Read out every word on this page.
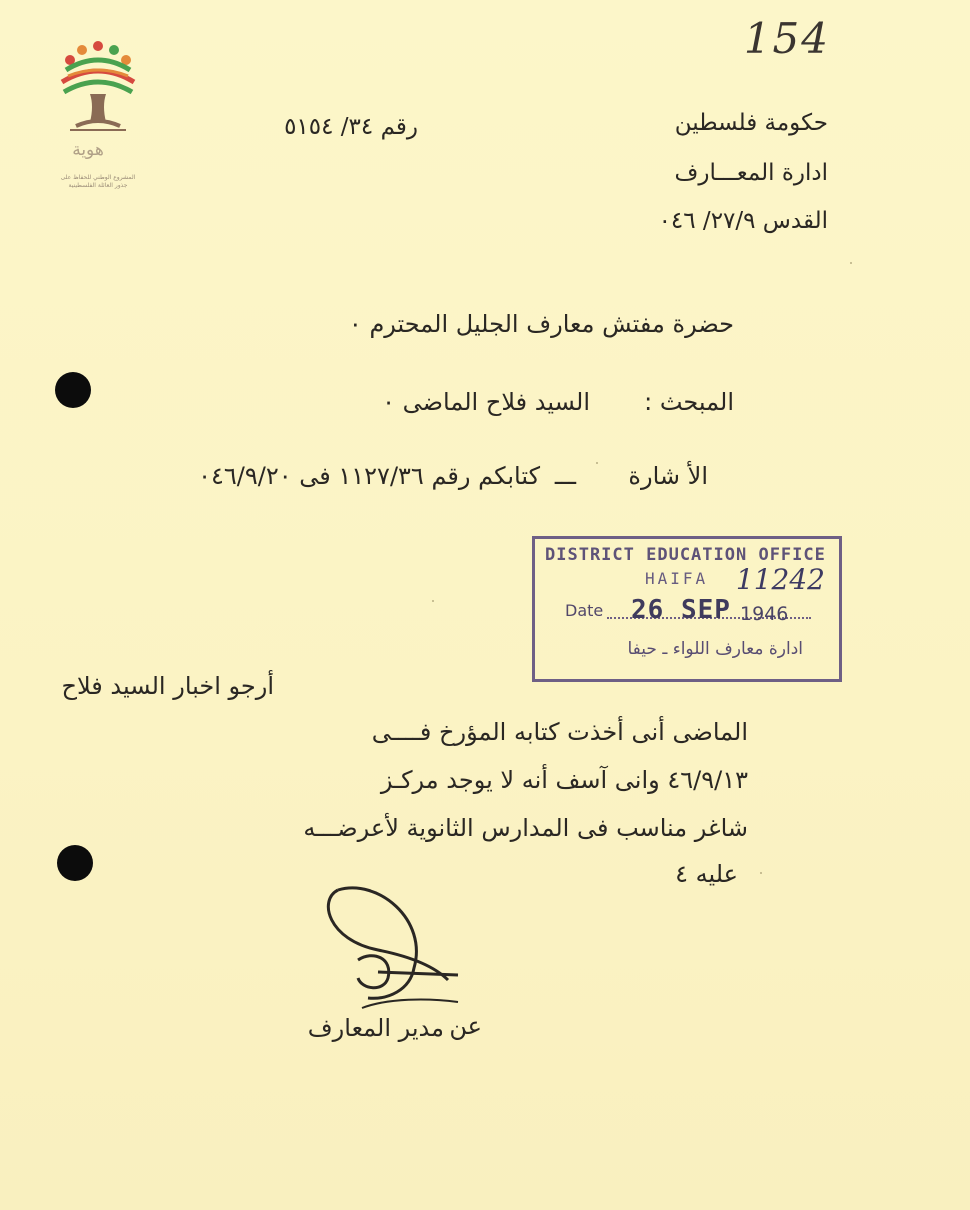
هوية
المشروع الوطني للحفاظ على
جذور العائلة الفلسطينية
154
حكومة فلسطين
ادارة المعـــارف
القدس ٢٧/٩/ ٠٤٦
رقم ٣٤/ ٥١٥٤
حضرة مفتش معارف الجليل المحترم ٠
المبحث :
السيد فلاح الماضى ٠
الأ شارة
ـــ
كتابكم رقم ١١٢٧/٣٦ فى ٠٤٦/٩/٢٠
DISTRICT EDUCATION OFFICE
HAIFA 11242
Date 26 SEP 1946
ادارة معارف اللواء ـ حيفا
أرجو اخبار السيد فلاح
الماضى أنى أخذت كتابه المؤرخ فــــى
٤٦/٩/١٣ وانى آسف أنه لا يوجد مركـز
شاغر مناسب فى المدارس الثانوية لأعرضـــه
عليه ٤
عن
مدير المعارف
